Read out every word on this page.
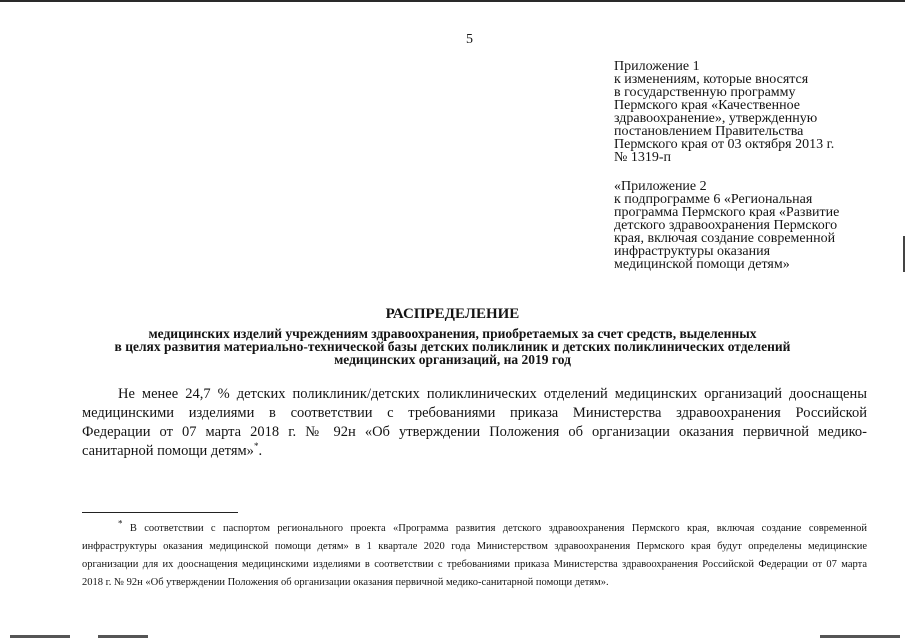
5
Приложение 1
к изменениям, которые вносятся
в государственную программу
Пермского края «Качественное
здравоохранение», утвержденную
постановлением Правительства
Пермского края от 03 октября 2013 г.
№ 1319-п
«Приложение 2
к подпрограмме 6 «Региональная
программа Пермского края «Развитие
детского здравоохранения Пермского
края, включая создание современной
инфраструктуры оказания
медицинской помощи детям»
РАСПРЕДЕЛЕНИЕ
медицинских изделий учреждениям здравоохранения, приобретаемых за счет средств, выделенных
в целях развития материально-технической базы детских поликлиник и детских поликлинических отделений
медицинских организаций, на 2019 год
Не менее 24,7 % детских поликлиник/детских поликлинических отделений медицинских организаций дооснащены
медицинскими изделиями в соответствии с требованиями приказа Министерства здравоохранения Российской
Федерации от 07 марта 2018 г. № 92н «Об утверждении Положения об организации оказания первичной медико-
санитарной помощи детям»*.
* В соответствии с паспортом регионального проекта «Программа развития детского здравоохранения Пермского края, включая создание современной
инфраструктуры оказания медицинской помощи детям» в 1 квартале 2020 года Министерством здравоохранения Пермского края будут определены медицинские
организации для их дооснащения медицинскими изделиями в соответствии с требованиями приказа Министерства здравоохранения Российской Федерации от 07 марта
2018 г. № 92н «Об утверждении Положения об организации оказания первичной медико-санитарной помощи детям».
